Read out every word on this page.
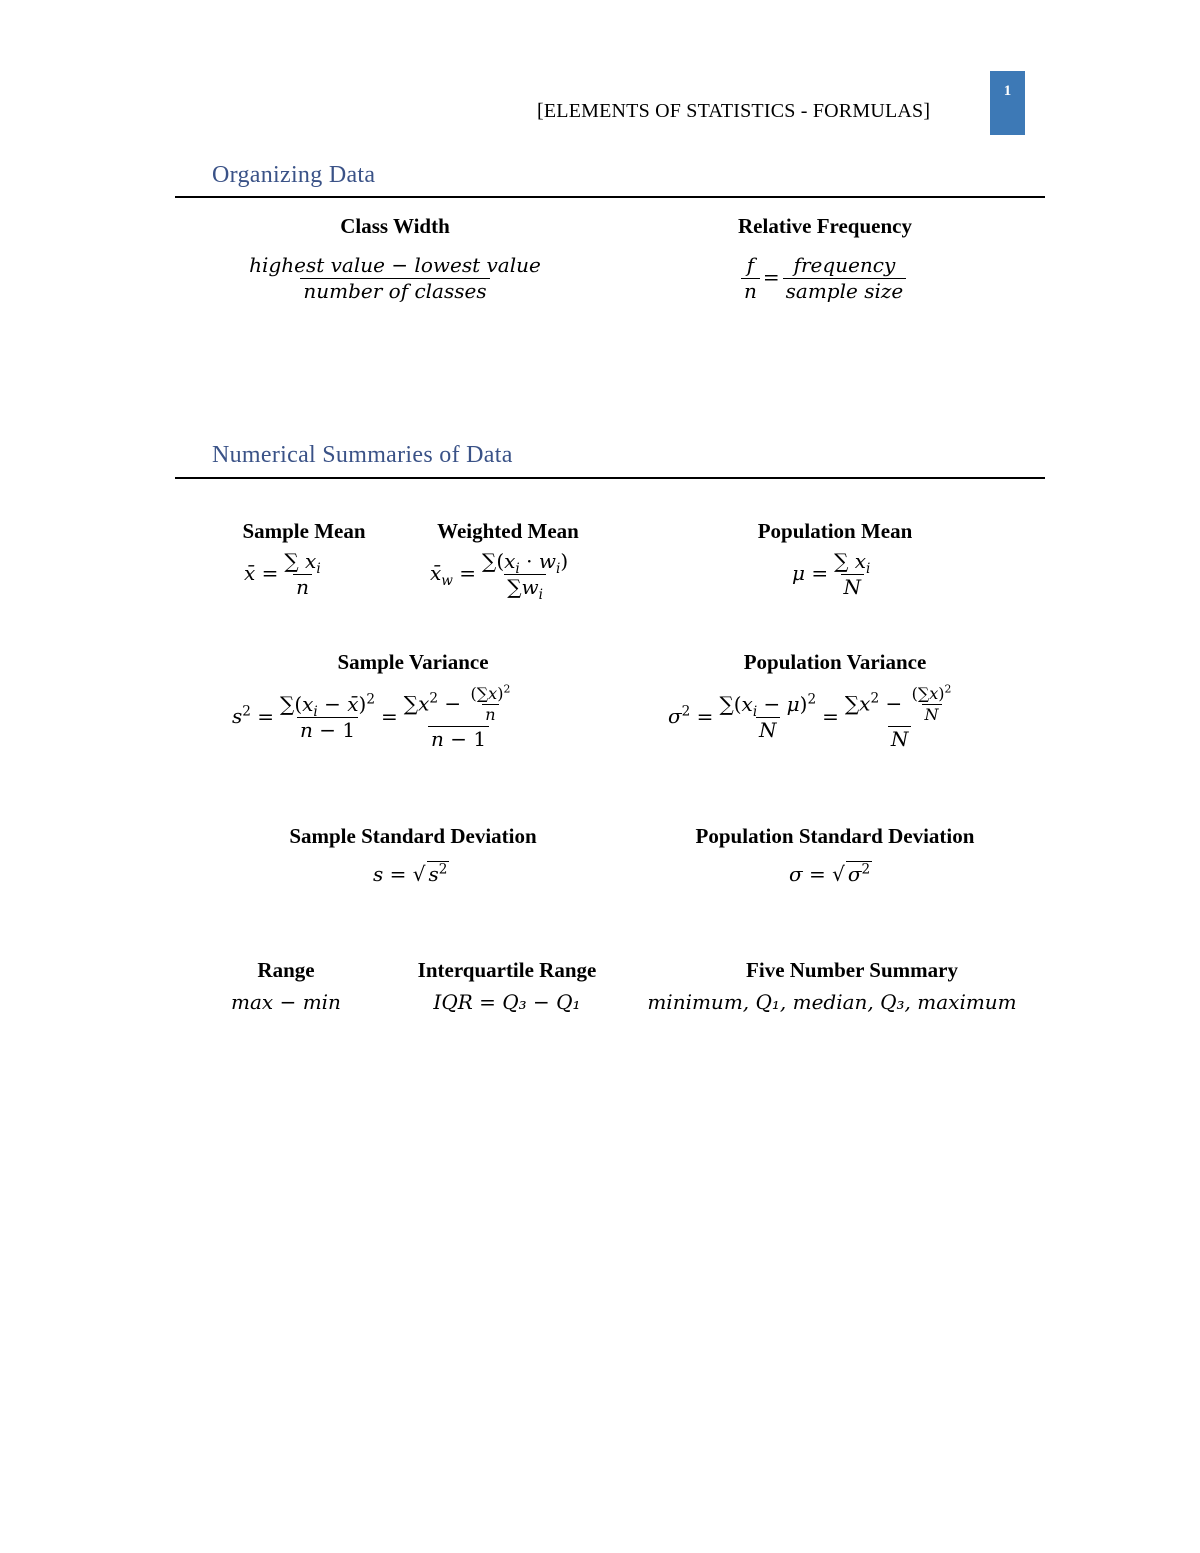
[ELEMENTS OF STATISTICS - FORMULAS]
1
Organizing Data
Class Width
$\frac{\text{highest value − lowest value}}{\text{number of classes}}$
Relative Frequency
$\frac{f}{n} = \frac{\text{frequency}}{\text{sample size}}$
Numerical Summaries of Data
Sample Mean
x̄ = $\frac{\sum x_i}{n}$
Weighted Mean
$x̄_w = \frac{\sum(x_i \cdot w_i)}{\sum w_i}$
Population Mean
$\mu = \frac{\sum x_i}{N}$
Sample Variance
$s^2 = \frac{\sum(x_i - x̄)^2}{n - 1} = \frac{\sum x^2 - \frac{(\sum x)^2}{n}}{n - 1}$
Population Variance
$\sigma^2 = \frac{\sum(x_i - \mu)^2}{N} = \frac{\sum x^2 - \frac{(\sum x)^2}{N}}{N}$
Sample Standard Deviation
s = √ $s^2$
Population Standard Deviation
σ = √ $\sigma^2$
Range
max − min
Interquartile Range
IQR = Q₃ − Q₁
Five Number Summary
minimum, Q₁, median, Q₃, maximum
